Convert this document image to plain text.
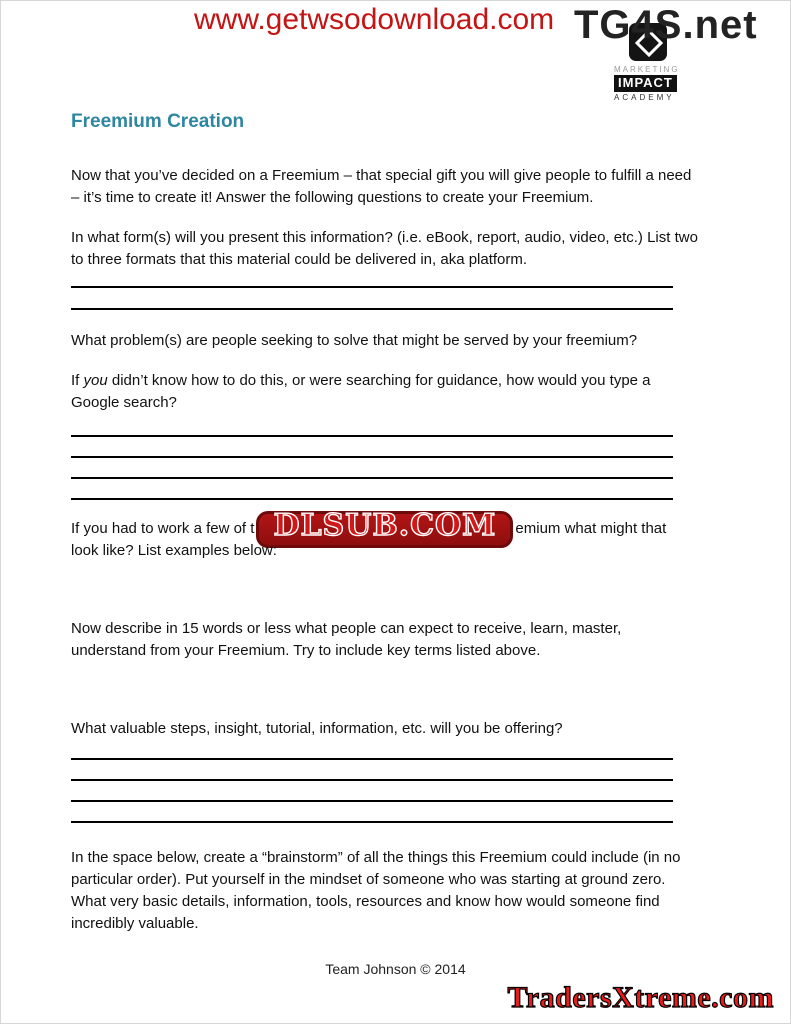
www.getwsodownload.com TG4S.net
MARKETING
IMPACT
ACADEMY
Freemium Creation

Now that you’ve decided on a Freemium – that special gift you will give people to fulfill a need – it’s time to create it! Answer the following questions to create your Freemium.

In what form(s) will you present this information? (i.e. eBook, report, audio, video, etc.) List two to three formats that this material could be delivered in, aka platform.

What problem(s) are people seeking to solve that might be served by your freemium?

If you didn’t know how to do this, or were searching for guidance, how would you type a Google search?

If you had to work a few of t DLSUB.COM emium what might that
look like? List examples below:

Now describe in 15 words or less what people can expect to receive, learn, master, understand from your Freemium. Try to include key terms listed above.

What valuable steps, insight, tutorial, information, etc. will you be offering?

In the space below, create a “brainstorm” of all the things this Freemium could include (in no particular order). Put yourself in the mindset of someone who was starting at ground zero. What very basic details, information, tools, resources and know how would someone find incredibly valuable.

Team Johnson © 2014
TradersXtreme.com
